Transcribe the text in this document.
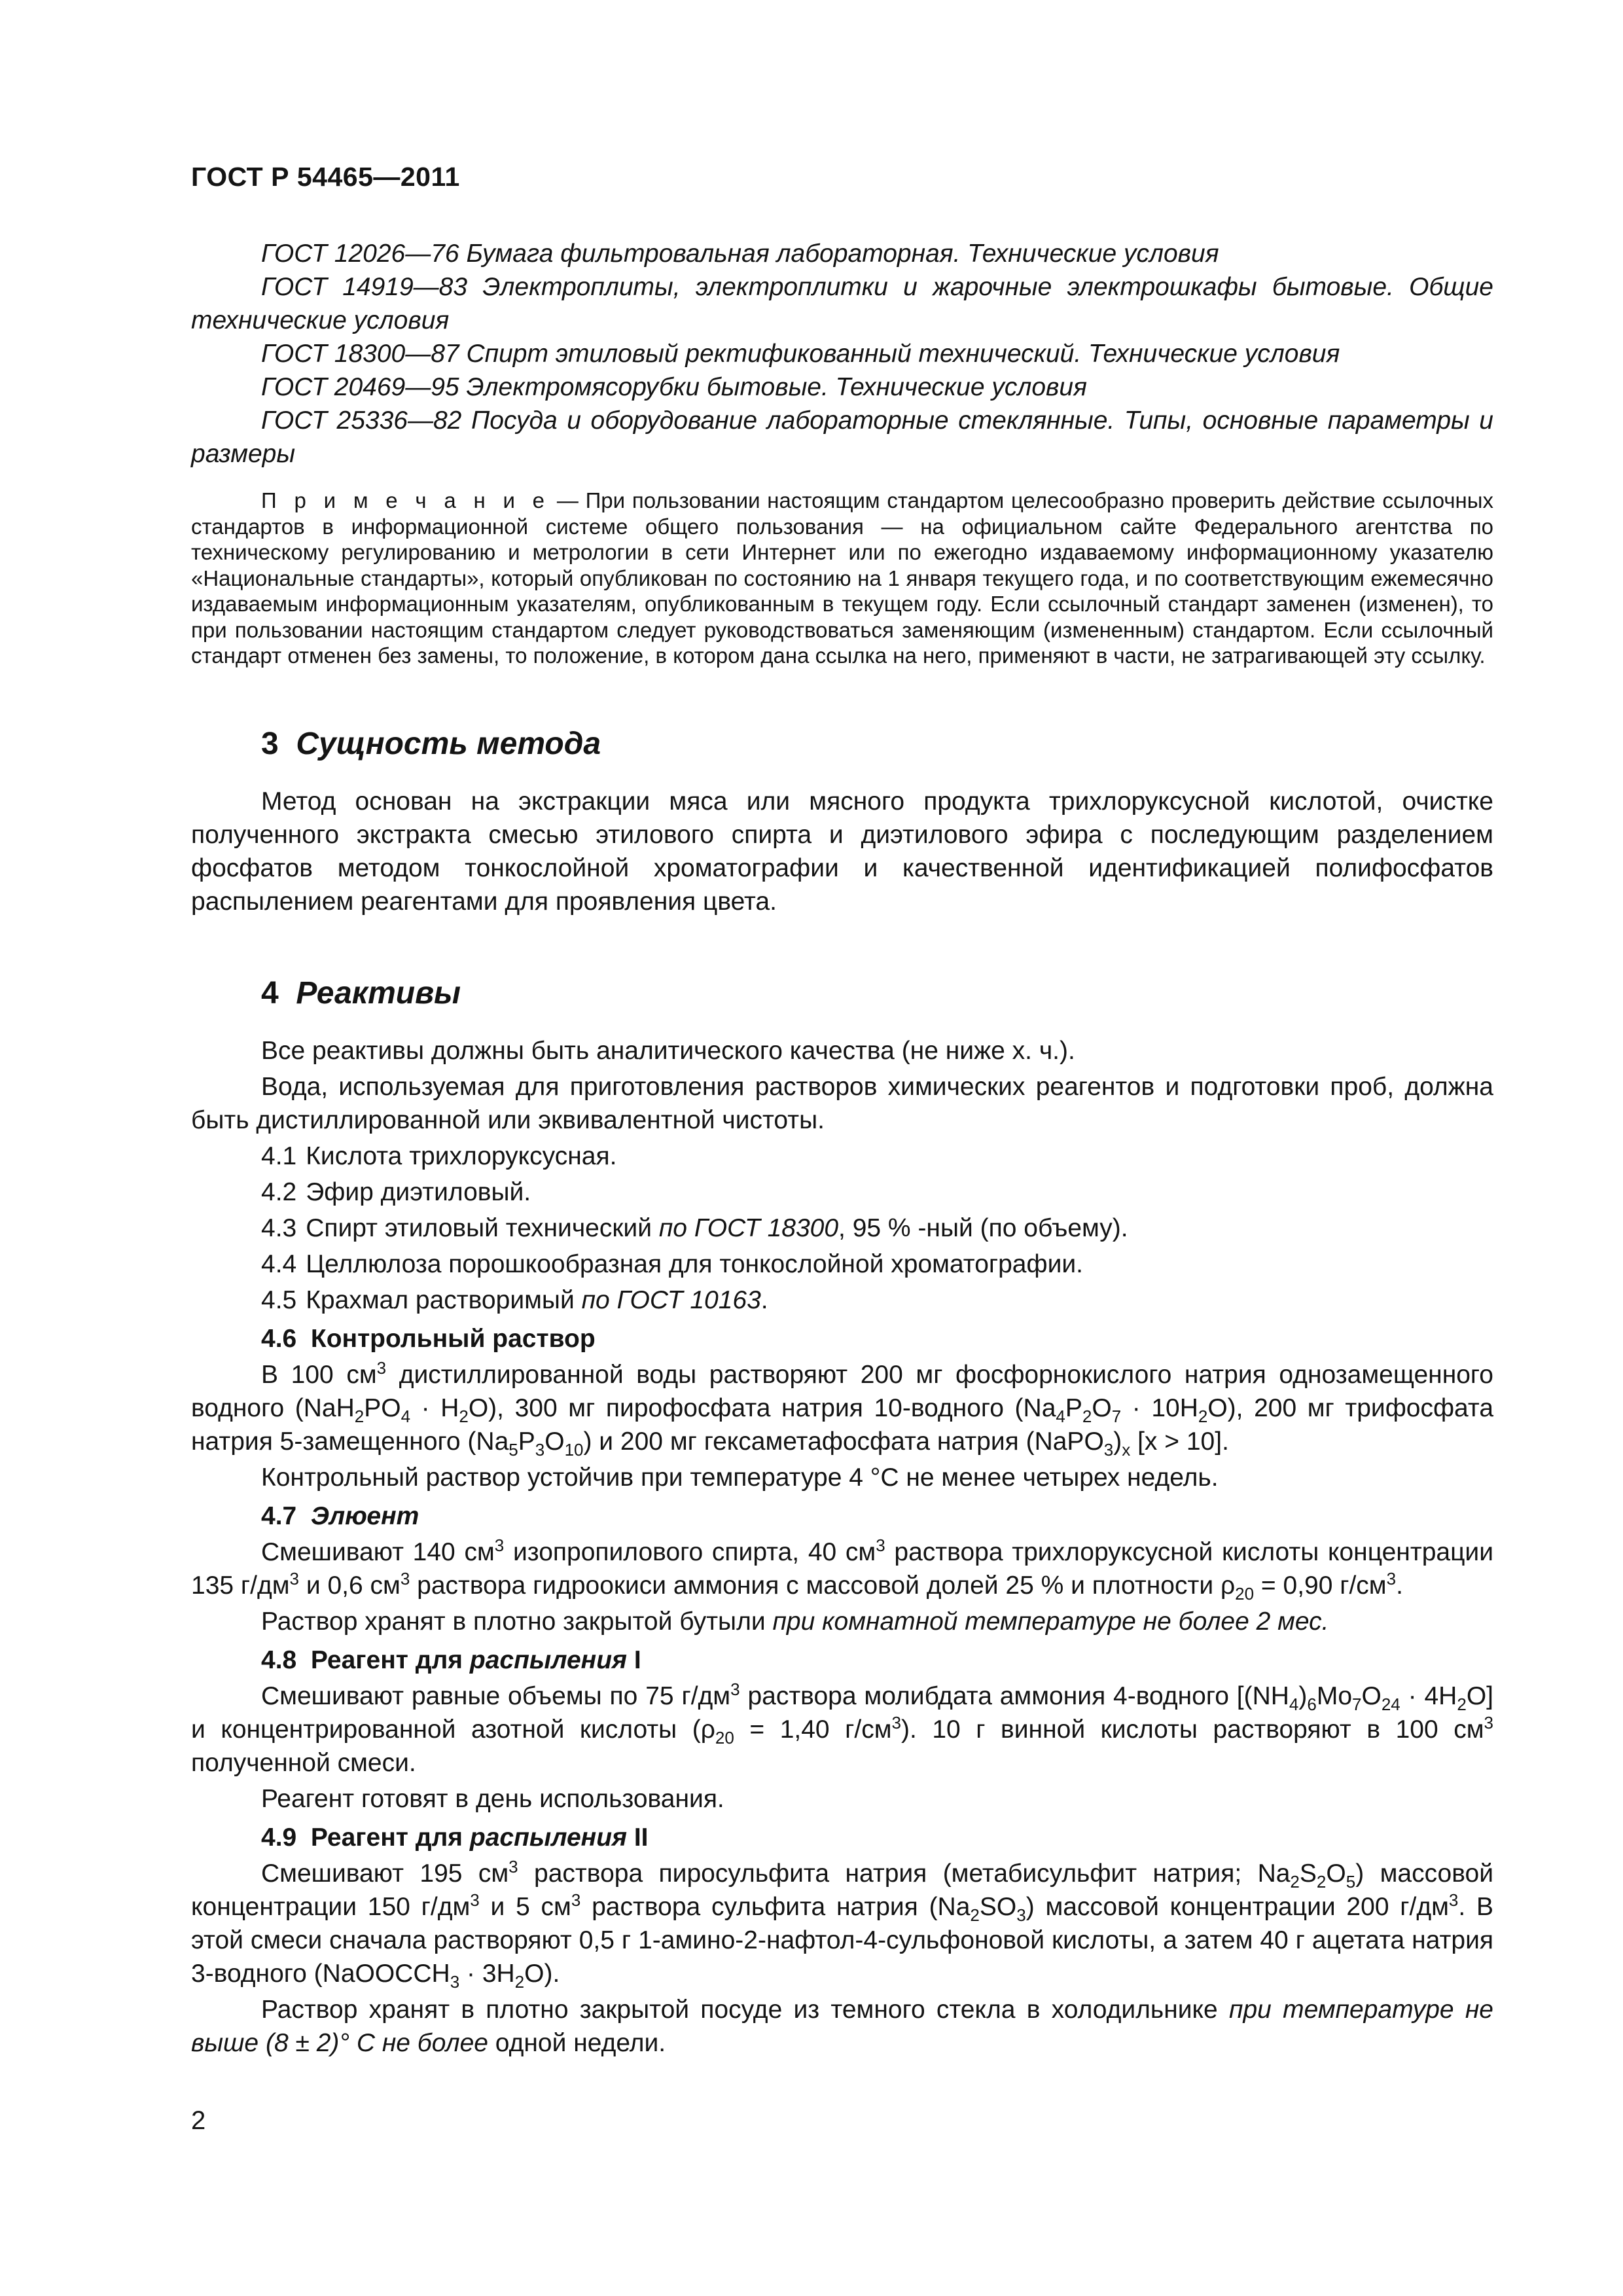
ГОСТ Р 54465—2011

ГОСТ 12026—76 Бумага фильтровальная лабораторная. Технические условия

ГОСТ 14919—83 Электроплиты, электроплитки и жарочные электрошкафы бытовые. Общие технические условия

ГОСТ 18300—87 Спирт этиловый ректификованный технический. Технические условия

ГОСТ 20469—95 Электромясорубки бытовые. Технические условия

ГОСТ 25336—82 Посуда и оборудование лабораторные стеклянные. Типы, основные параметры и размеры

П р и м е ч а н и е — При пользовании настоящим стандартом целесообразно проверить действие ссылочных стандартов в информационной системе общего пользования — на официальном сайте Федерального агентства по техническому регулированию и метрологии в сети Интернет или по ежегодно издаваемому информационному указателю «Национальные стандарты», который опубликован по состоянию на 1 января текущего года, и по соответствующим ежемесячно издаваемым информационным указателям, опубликованным в текущем году. Если ссылочный стандарт заменен (изменен), то при пользовании настоящим стандартом следует руководствоваться заменяющим (измененным) стандартом. Если ссылочный стандарт отменен без замены, то положение, в котором дана ссылка на него, применяют в части, не затрагивающей эту ссылку.
3 Сущность метода

Метод основан на экстракции мяса или мясного продукта трихлоруксусной кислотой, очистке полученного экстракта смесью этилового спирта и диэтилового эфира с последующим разделением фосфатов методом тонкослойной хроматографии и качественной идентификацией полифосфатов распылением реагентами для проявления цвета.

4 Реактивы

Все реактивы должны быть аналитического качества (не ниже х. ч.).

Вода, используемая для приготовления растворов химических реагентов и подготовки проб, должна быть дистиллированной или эквивалентной чистоты.

4.1 Кислота трихлоруксусная.
4.2 Эфир диэтиловый.
4.3 Спирт этиловый технический по ГОСТ 18300, 95 % -ный (по объему).
4.4 Целлюлоза порошкообразная для тонкослойной хроматографии.
4.5 Крахмал растворимый по ГОСТ 10163.
4.6 Контрольный раствор

В 100 $см^3$ дистиллированной воды растворяют 200 мг фосфорнокислого натрия однозамещенного водного $(NaH_2PO_4 \cdot H_2O)$, 300 мг пирофосфата натрия 10-водного $(Na_4P_2O_7 \cdot 10H_2O)$, 200 мг трифосфата натрия 5-замещенного $(Na_5P_3O_{10})$ и 200 мг гексаметафосфата натрия $(NaPO_3)_x$ [x > 10].

Контрольный раствор устойчив при температуре 4 °C не менее четырех недель.

4.7 Элюент

Смешивают 140 $см^3$ изопропилового спирта, 40 $см^3$ раствора трихлоруксусной кислоты концентрации 135 $г/дм^3$ и 0,6 $см^3$ раствора гидроокиси аммония с массовой долей 25 % и плотности $\rho_{20} = 0,90$ $г/см^3$.

Раствор хранят в плотно закрытой бутыли при комнатной температуре не более 2 мес.

4.8 Реагент для распыления I

Смешивают равные объемы по 75 $г/дм^3$ раствора молибдата аммония 4-водного $[(NH_4)_6Mo_7O_{24} \cdot 4H_2O]$ и концентрированной азотной кислоты ($\rho_{20} = 1,40$ $г/см^3$). 10 г винной кислоты растворяют в 100 $см^3$ полученной смеси.

Реагент готовят в день использования.

4.9 Реагент для распыления II

Смешивают 195 $см^3$ раствора пиросульфита натрия (метабисульфит натрия; $Na_2S_2O_5$) массовой концентрации 150 $г/дм^3$ и 5 $см^3$ раствора сульфита натрия $(Na_2SO_3)$ массовой концентрации 200 $г/дм^3$. В этой смеси сначала растворяют 0,5 г 1-амино-2-нафтол-4-сульфоновой кислоты, а затем 40 г ацетата натрия 3-водного (NaOOCCH$_3$ · $3H_2O$).

Раствор хранят в плотно закрытой посуде из темного стекла в холодильнике при температуре не выше (8 ± 2)° С не более одной недели.

2
